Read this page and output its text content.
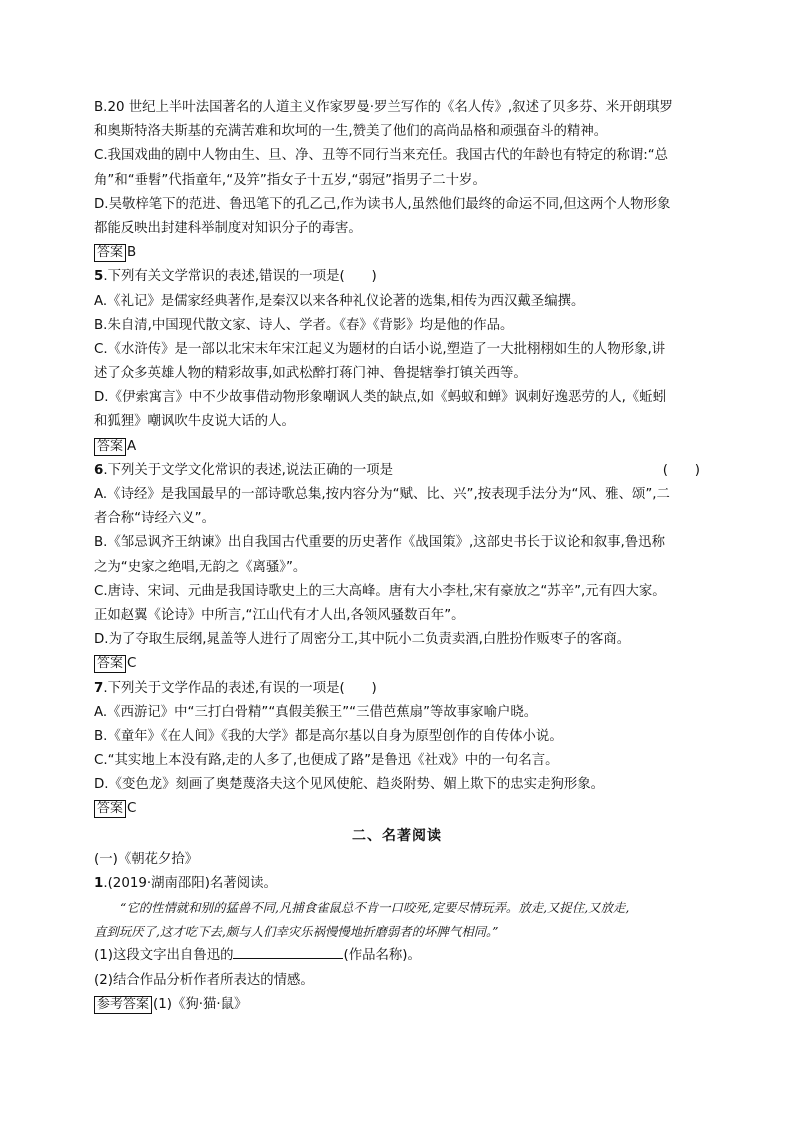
B.20 世纪上半叶法国著名的人道主义作家罗曼·罗兰写作的《名人传》,叙述了贝多芬、米开朗琪罗
和奥斯特洛夫斯基的充满苦难和坎坷的一生,赞美了他们的高尚品格和顽强奋斗的精神。
C.我国戏曲的剧中人物由生、旦、净、丑等不同行当来充任。我国古代的年龄也有特定的称谓:“总
角”和“垂髫”代指童年,“及笄”指女子十五岁,“弱冠”指男子二十岁。
D.吴敬梓笔下的范进、鲁迅笔下的孔乙己,作为读书人,虽然他们最终的命运不同,但这两个人物形象
都能反映出封建科举制度对知识分子的毒害。
答案 B
5.下列有关文学常识的表述,错误的一项是(　　)
A.《礼记》是儒家经典著作,是秦汉以来各种礼仪论著的选集,相传为西汉戴圣编撰。
B.朱自清,中国现代散文家、诗人、学者。《春》《背影》均是他的作品。
C.《水浒传》是一部以北宋末年宋江起义为题材的白话小说,塑造了一大批栩栩如生的人物形象,讲
述了众多英雄人物的精彩故事,如武松醉打蒋门神、鲁提辖拳打镇关西等。
D.《伊索寓言》中不少故事借动物形象嘲讽人类的缺点,如《蚂蚁和蝉》讽刺好逸恶劳的人,《蚯蚓
和狐狸》嘲讽吹牛皮说大话的人。
答案 A
6.下列关于文学文化常识的表述,说法正确的一项是	(　　)
A.《诗经》是我国最早的一部诗歌总集,按内容分为“赋、比、兴”,按表现手法分为“风、雅、颂”,二
者合称“诗经六义”。
B.《邹忌讽齐王纳谏》出自我国古代重要的历史著作《战国策》,这部史书长于议论和叙事,鲁迅称
之为“史家之绝唱,无韵之《离骚》”。
C.唐诗、宋词、元曲是我国诗歌史上的三大高峰。唐有大小李杜,宋有豪放之“苏辛”,元有四大家。
正如赵翼《论诗》中所言,“江山代有才人出,各领风骚数百年”。
D.为了夺取生辰纲,晁盖等人进行了周密分工,其中阮小二负责卖酒,白胜扮作贩枣子的客商。
答案 C
7.下列关于文学作品的表述,有误的一项是(　　)
A.《西游记》中“三打白骨精”“真假美猴王”“三借芭蕉扇”等故事家喻户晓。
B.《童年》《在人间》《我的大学》都是高尔基以自身为原型创作的自传体小说。
C.“其实地上本没有路,走的人多了,也便成了路”是鲁迅《社戏》中的一句名言。
D.《变色龙》刻画了奥楚蔑洛夫这个见风使舵、趋炎附势、媚上欺下的忠实走狗形象。
答案 C
二、名著阅读
(一)《朝花夕拾》
1.(2019·湖南邵阳)名著阅读。
“它的性情就和别的猛兽不同,凡捕食雀鼠总不肯一口咬死,定要尽情玩弄。放走,又捉住,又放走,
直到玩厌了,这才吃下去,颇与人们幸灾乐祸慢慢地折磨弱者的坏脾气相同。”
(1)这段文字出自鲁迅的	(作品名称)。
(2)结合作品分析作者所表达的情感。
参考答案 (1)《狗·猫·鼠》
